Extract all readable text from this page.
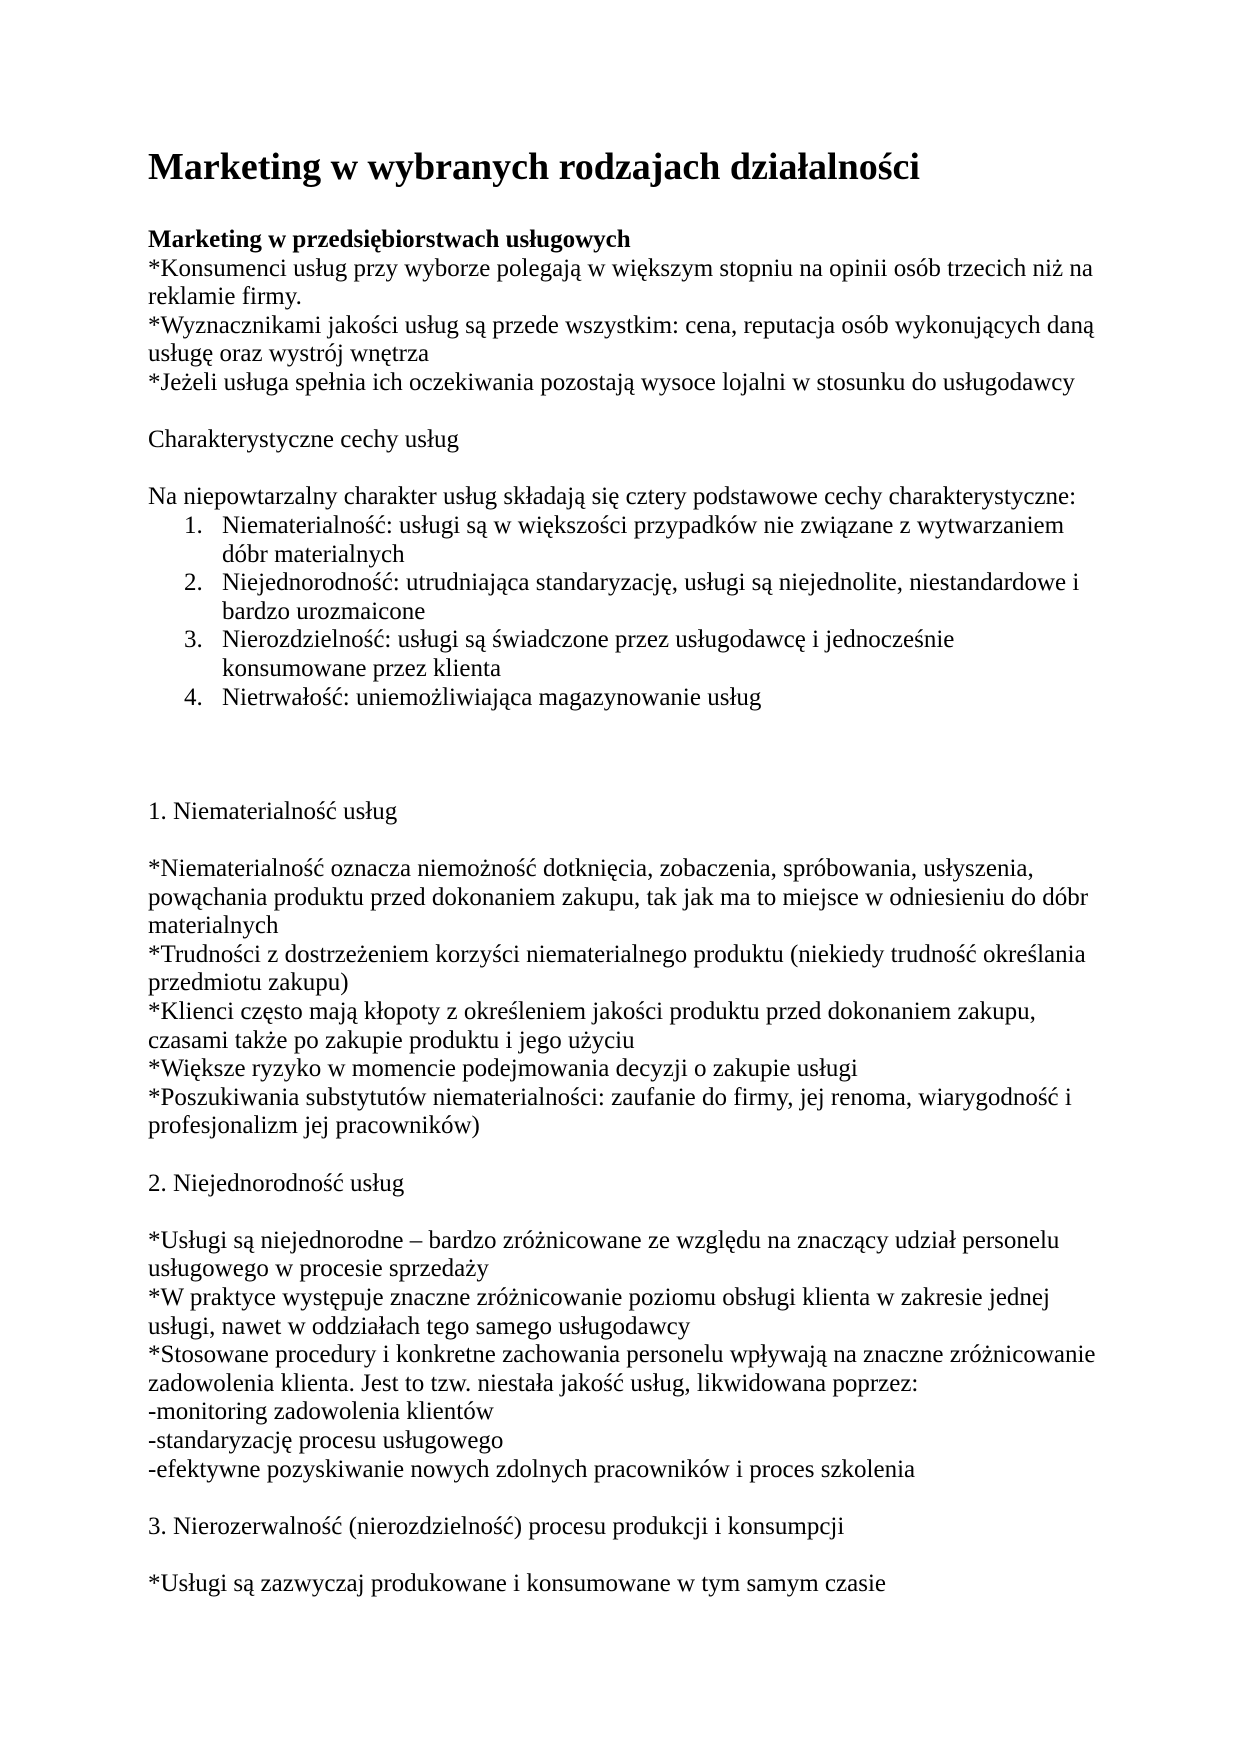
Marketing w wybranych rodzajach działalności

Marketing w przedsiębiorstwach usługowych

*Konsumenci usług przy wyborze polegają w większym stopniu na opinii osób trzecich niż na reklamie firmy.

*Wyznacznikami jakości usług są przede wszystkim: cena, reputacja osób wykonujących daną usługę oraz wystrój wnętrza

*Jeżeli usługa spełnia ich oczekiwania pozostają wysoce lojalni w stosunku do usługodawcy

Charakterystyczne cechy usług

Na niepowtarzalny charakter usług składają się cztery podstawowe cechy charakterystyczne:

1. Niematerialność: usługi są w większości przypadków nie związane z wytwarzaniem dóbr materialnych
2. Niejednorodność: utrudniająca standaryzację, usługi są niejednolite, niestandardowe i bardzo urozmaicone
3. Nierozdzielność: usługi są świadczone przez usługodawcę i jednocześnie konsumowane przez klienta
4. Nietrwałość: uniemożliwiająca magazynowanie usług

1. Niematerialność usług

*Niematerialność oznacza niemożność dotknięcia, zobaczenia, spróbowania, usłyszenia, powąchania produktu przed dokonaniem zakupu, tak jak ma to miejsce w odniesieniu do dóbr materialnych

*Trudności z dostrzeżeniem korzyści niematerialnego produktu (niekiedy trudność określania przedmiotu zakupu)

*Klienci często mają kłopoty z określeniem jakości produktu przed dokonaniem zakupu, czasami także po zakupie produktu i jego użyciu

*Większe ryzyko w momencie podejmowania decyzji o zakupie usługi

*Poszukiwania substytutów niematerialności: zaufanie do firmy, jej renoma, wiarygodność i profesjonalizm jej pracowników)

2. Niejednorodność usług

*Usługi są niejednorodne – bardzo zróżnicowane ze względu na znaczący udział personelu usługowego w procesie sprzedaży

*W praktyce występuje znaczne zróżnicowanie poziomu obsługi klienta w zakresie jednej usługi, nawet w oddziałach tego samego usługodawcy

*Stosowane procedury i konkretne zachowania personelu wpływają na znaczne zróżnicowanie zadowolenia klienta. Jest to tzw. niestała jakość usług, likwidowana poprzez:

-monitoring zadowolenia klientów

-standaryzację procesu usługowego

-efektywne pozyskiwanie nowych zdolnych pracowników i proces szkolenia

3. Nierozerwalność (nierozdzielność) procesu produkcji i konsumpcji

*Usługi są zazwyczaj produkowane i konsumowane w tym samym czasie
